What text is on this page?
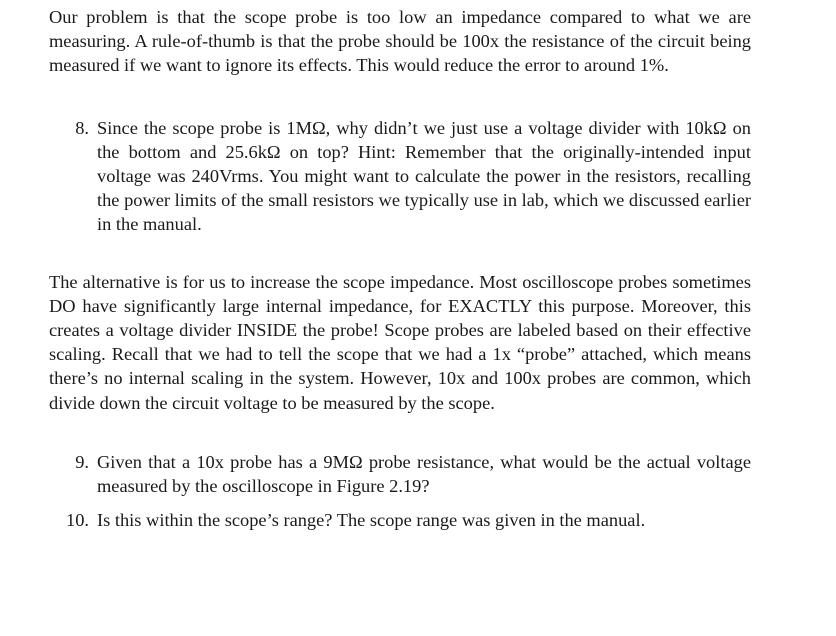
Our problem is that the scope probe is too low an impedance compared to what we are measuring. A rule-of-thumb is that the probe should be 100x the resistance of the circuit being measured if we want to ignore its effects. This would reduce the error to around 1%.

8. Since the scope probe is 1MΩ, why didn’t we just use a voltage divider with 10kΩ on the bottom and 25.6kΩ on top? Hint: Remember that the originally-intended input voltage was 240Vrms. You might want to calculate the power in the resistors, recalling the power limits of the small resistors we typically use in lab, which we discussed earlier in the manual.

The alternative is for us to increase the scope impedance. Most oscilloscope probes sometimes DO have significantly large internal impedance, for EXACTLY this purpose. Moreover, this creates a voltage divider INSIDE the probe! Scope probes are labeled based on their effective scaling. Recall that we had to tell the scope that we had a 1x “probe” attached, which means there’s no internal scaling in the system. However, 10x and 100x probes are common, which divide down the circuit voltage to be measured by the scope.

9. Given that a 10x probe has a 9MΩ probe resistance, what would be the actual voltage measured by the oscilloscope in Figure 2.19?
10. Is this within the scope’s range? The scope range was given in the manual.
